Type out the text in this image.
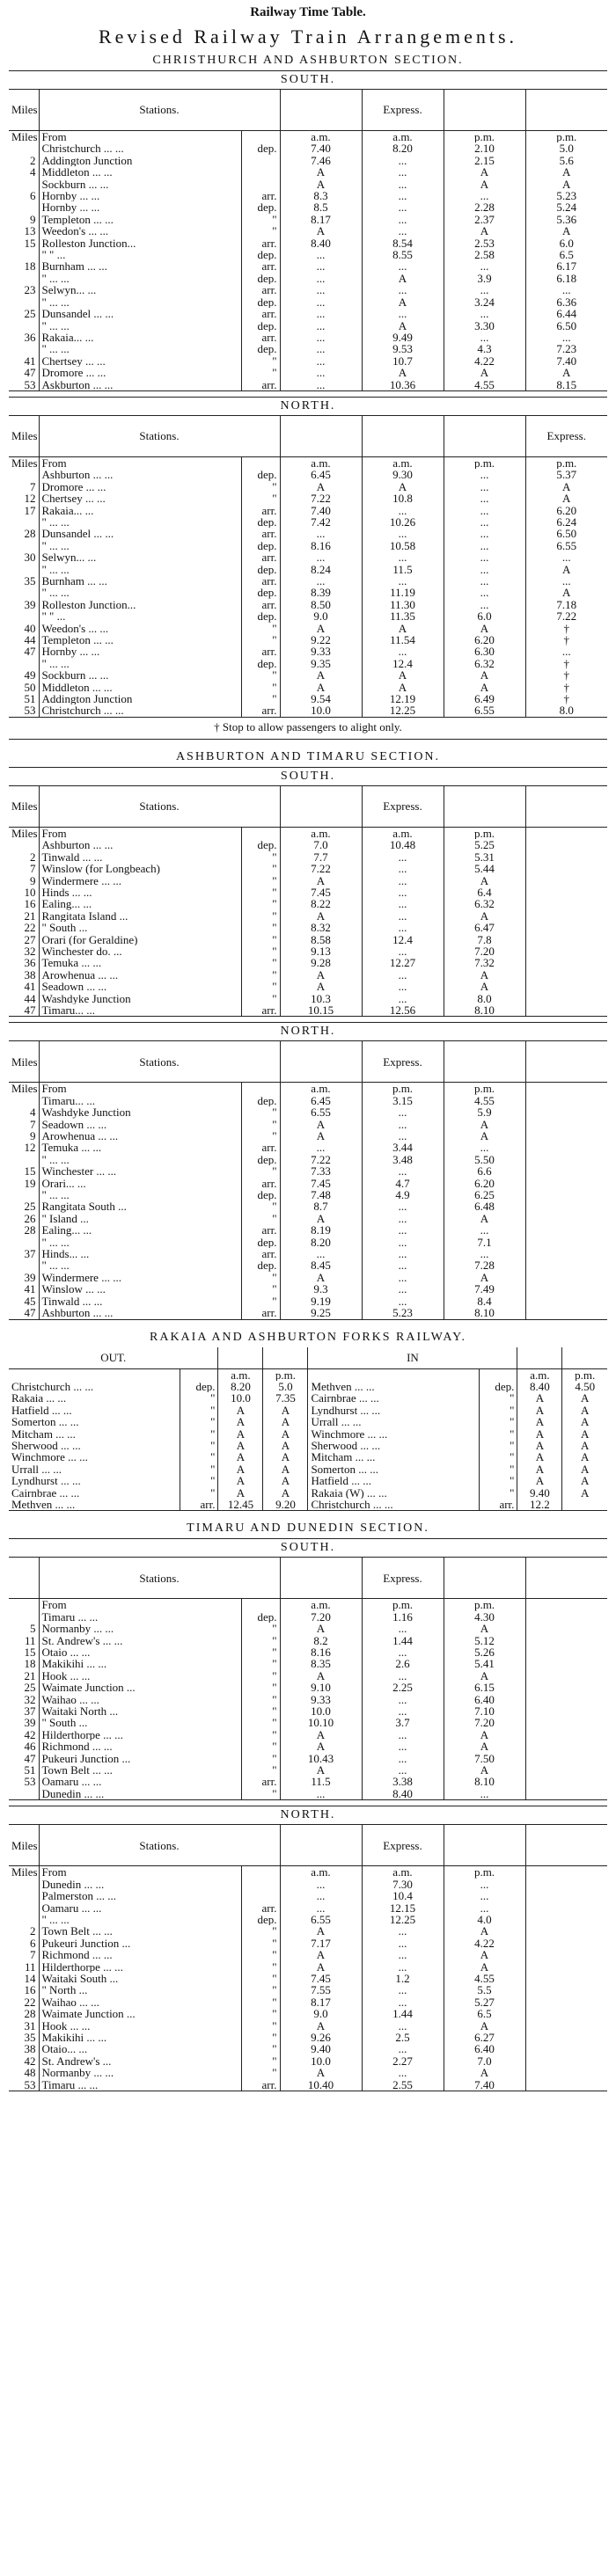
Railway Time Table.
Revised Railway Train Arrangements.
CHRISTHURCH AND ASHBURTON SECTION.
SOUTH.
Miles	Stations.			Express.		
Miles	From		a.m.	a.m.	p.m.	p.m.
	Christchurch ... ...	dep.	7.40	8.20	2.10	5.0
2	Addington Junction		7.46	...	2.15	5.6
4	Middleton ... ...		A	...	A	A
	Sockburn ... ...		A	...	A	A
6	Hornby ... ...	arr.	8.3	...	...	5.23
	Hornby ... ...	dep.	8.5	...	2.28	5.24
9	Templeton ... ...	"	8.17	...	2.37	5.36
13	Weedon's ... ...	"	A	...	A	A
15	Rolleston Junction...	arr.	8.40	8.54	2.53	6.0
	" " ...	dep.	...	8.55	2.58	6.5
18	Burnham ... ...	arr.	...	...	...	6.17
	" ... ...	dep.	...	A	3.9	6.18
23	Selwyn... ...	arr.	...	...	...	...
	" ... ...	dep.	...	A	3.24	6.36
25	Dunsandel ... ...	arr.	...	...	...	6.44
	" ... ...	dep.	...	A	3.30	6.50
36	Rakaia... ...	arr.	...	9.49	...	...
	" ... ...	dep.	...	9.53	4.3	7.23
41	Chertsey ... ...	"	...	10.7	4.22	7.40
47	Dromore ... ...	"	...	A	A	A
53	Askburton ... ...	arr.	...	10.36	4.55	8.15
NORTH.
Miles	Stations.					Express.
Miles	From		a.m.	a.m.	p.m.	p.m.
	Ashburton ... ...	dep.	6.45	9.30	...	5.37
7	Dromore ... ...	"	A	A	...	A
12	Chertsey ... ...	"	7.22	10.8	...	A
17	Rakaia... ...	arr.	7.40	...	...	6.20
	" ... ...	dep.	7.42	10.26	...	6.24
28	Dunsandel ... ...	arr.	...	...	...	6.50
	" ... ...	dep.	8.16	10.58	...	6.55
30	Selwyn... ...	arr.	...	...	...	...
	" ... ...	dep.	8.24	11.5	...	A
35	Burnham ... ...	arr.	...	...	...	...
	" ... ...	dep.	8.39	11.19	...	A
39	Rolleston Junction...	arr.	8.50	11.30	...	7.18
	" " ...	dep.	9.0	11.35	6.0	7.22
40	Weedon's ... ...	"	A	A	A	†
44	Templeton ... ...	"	9.22	11.54	6.20	†
47	Hornby ... ...	arr.	9.33	...	6.30	...
	" ... ...	dep.	9.35	12.4	6.32	†
49	Sockburn ... ...	"	A	A	A	†
50	Middleton ... ...	"	A	A	A	†
51	Addington Junction	"	9.54	12.19	6.49	†
53	Christchurch ... ...	arr.	10.0	12.25	6.55	8.0
† Stop to allow passengers to alight only.
ASHBURTON AND TIMARU SECTION.
SOUTH.
Miles	Stations.			Express.		
Miles	From		a.m.	a.m.	p.m.	
	Ashburton ... ...	dep.	7.0	10.48	5.25	
2	Tinwald ... ...	"	7.7	...	5.31	
7	Winslow (for Longbeach)	"	7.22	...	5.44	
9	Windermere ... ...	"	A	...	A	
10	Hinds ... ...	"	7.45	...	6.4	
16	Ealing... ...	"	8.22	...	6.32	
21	Rangitata Island ...	"	A	...	A	
22	" South ...	"	8.32	...	6.47	
27	Orari (for Geraldine)	"	8.58	12.4	7.8	
32	Winchester do. ...	"	9.13	...	7.20	
36	Temuka ... ...	"	9.28	12.27	7.32	
38	Arowhenua ... ...	"	A	...	A	
41	Seadown ... ...	"	A	...	A	
44	Washdyke Junction	"	10.3	...	8.0	
47	Timaru... ...	arr.	10.15	12.56	8.10	
NORTH.
Miles	Stations.			Express.		
Miles	From		a.m.	p.m.	p.m.	
	Timaru... ...	dep.	6.45	3.15	4.55	
4	Washdyke Junction	"	6.55	...	5.9	
7	Seadown ... ...	"	A	...	A	
9	Arowhenua ... ...	"	A	...	A	
12	Temuka ... ...	arr.	...	3.44	...	
	" ... ...	dep.	7.22	3.48	5.50	
15	Winchester ... ...	"	7.33	...	6.6	
19	Orari... ...	arr.	7.45	4.7	6.20	
	" ... ...	dep.	7.48	4.9	6.25	
25	Rangitata South ...	"	8.7	...	6.48	
26	" Island ...	"	A	...	A	
28	Ealing... ...	arr.	8.19	...	...	
	" ... ...	dep.	8.20	...	7.1	
37	Hinds... ...	arr.	...	...	...	
	" ... ...	dep.	8.45	...	7.28	
39	Windermere ... ...	"	A	...	A	
41	Winslow ... ...	"	9.3	...	7.49	
45	Tinwald ... ...	"	9.19	...	8.4	
47	Ashburton ... ...	arr.	9.25	5.23	8.10	
RAKAIA AND ASHBURTON FORKS RAILWAY.
OUT.				IN			
		a.m.	p.m.			a.m.	p.m.
Christchurch ... ...	dep.	8.20	5.0	Methven ... ...	dep.	8.40	4.50
Rakaia ... ...	"	10.0	7.35	Cairnbrae ... ...	"	A	A
Hatfield ... ...	"	A	A	Lyndhurst ... ...	"	A	A
Somerton ... ...	"	A	A	Urrall ... ...	"	A	A
Mitcham ... ...	"	A	A	Winchmore ... ...	"	A	A
Sherwood ... ...	"	A	A	Sherwood ... ...	"	A	A
Winchmore ... ...	"	A	A	Mitcham ... ...	"	A	A
Urrall ... ...	"	A	A	Somerton ... ...	"	A	A
Lyndhurst ... ...	"	A	A	Hatfield ... ...	"	A	A
Cairnbrae ... ...	"	A	A	Rakaia (W) ... ...	"	9.40	A
Methven ... ...	arr.	12.45	9.20	Christchurch ... ...	arr.	12.2	
TIMARU AND DUNEDIN SECTION.
SOUTH.
	Stations.			Express.		
	From		a.m.	p.m.	p.m.	
	Timaru ... ...	dep.	7.20	1.16	4.30	
5	Normanby ... ...	"	A	...	A	
11	St. Andrew's ... ...	"	8.2	1.44	5.12	
15	Otaio ... ...	"	8.16	...	5.26	
18	Makikihi ... ...	"	8.35	2.6	5.41	
21	Hook ... ...	"	A	...	A	
25	Waimate Junction ...	"	9.10	2.25	6.15	
32	Waihao ... ...	"	9.33	...	6.40	
37	Waitaki North ...	"	10.0	...	7.10	
39	" South ...	"	10.10	3.7	7.20	
42	Hilderthorpe ... ...	"	A	...	A	
46	Richmond ... ...	"	A	...	A	
47	Pukeuri Junction ...	"	10.43	...	7.50	
51	Town Belt ... ...	"	A	...	A	
53	Oamaru ... ...	arr.	11.5	3.38	8.10	
	Dunedin ... ...	"	...	8.40	...	
NORTH.
Miles	Stations.			Express.		
Miles	From		a.m.	a.m.	p.m.	
	Dunedin ... ...		...	7.30	...	
	Palmerston ... ...		...	10.4	...	
	Oamaru ... ...	arr.	...	12.15	...	
	" ... ...	dep.	6.55	12.25	4.0	
2	Town Belt ... ...	"	A	...	A	
6	Pukeuri Junction ...	"	7.17	...	4.22	
7	Richmond ... ...	"	A	...	A	
11	Hilderthorpe ... ...	"	A	...	A	
14	Waitaki South ...	"	7.45	1.2	4.55	
16	" North ...	"	7.55	...	5.5	
22	Waihao ... ...	"	8.17	...	5.27	
28	Waimate Junction ...	"	9.0	1.44	6.5	
31	Hook ... ...	"	A	...	A	
35	Makikihi ... ...	"	9.26	2.5	6.27	
38	Otaio... ...	"	9.40	...	6.40	
42	St. Andrew's ...	"	10.0	2.27	7.0	
48	Normanby ... ...	"	A	...	A	
53	Timaru ... ...	arr.	10.40	2.55	7.40	
